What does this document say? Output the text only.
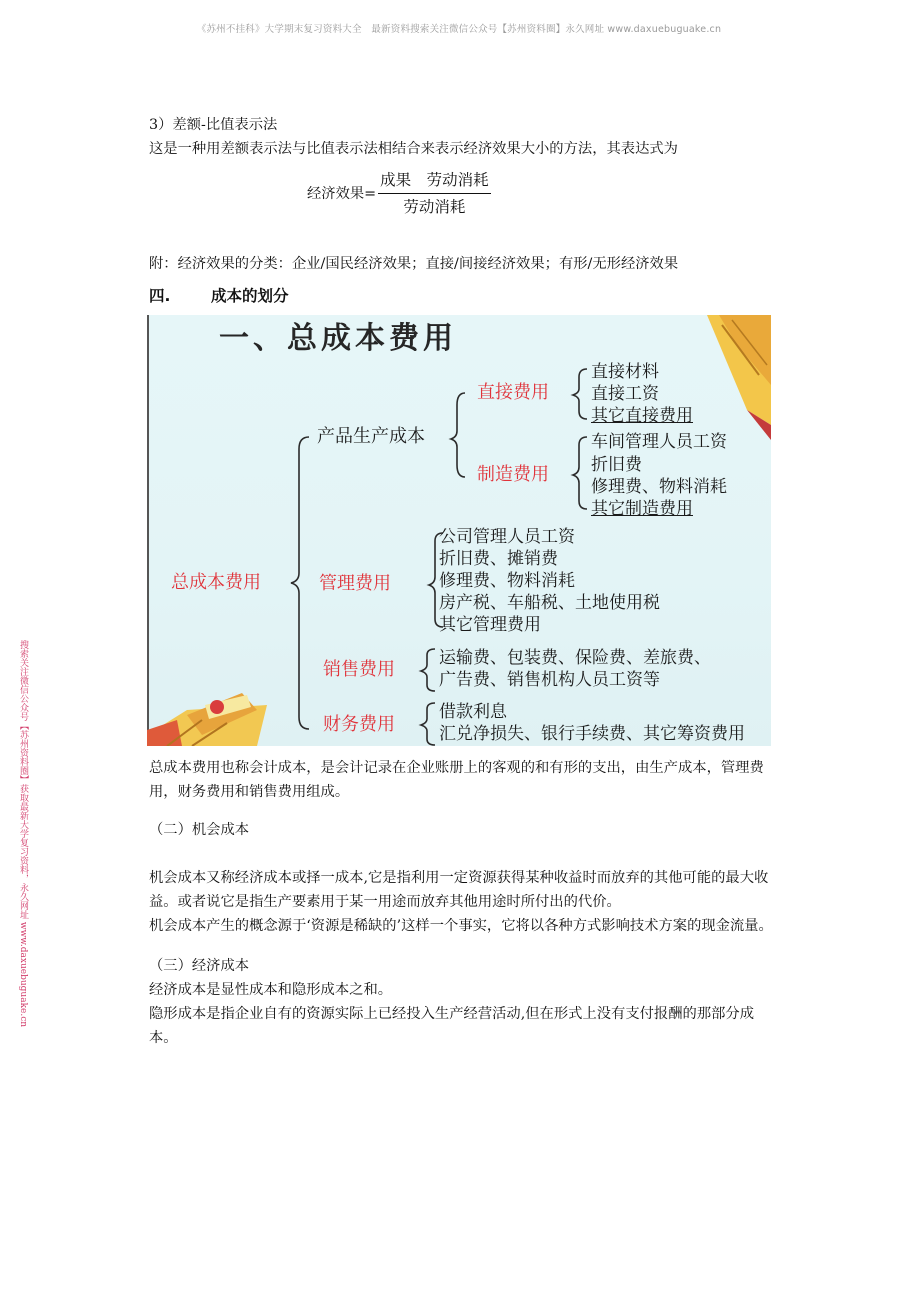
《苏州不挂科》大学期末复习资料大全　最新资料搜索关注微信公众号【苏州资料圈】永久网址 www.daxuebuguake.cn
搜索关注微信公众号【苏州资料圈】获取最新大学复习资料，永久网址 www.daxuebuguake.cn

3）差额-比值表示法

这是一种用差额表示法与比值表示法相结合来表示经济效果大小的方法，其表达式为

经济效果= $\frac{\text{成果　劳动消耗}}{\text{劳动消耗}}$

附：经济效果的分类：企业/国民经济效果；直接/间接经济效果；有形/无形经济效果

四.	成本的划分
一、总成本费用
总成本费用
产品生产成本
直接费用
直接材料
直接工资
其它直接费用
制造费用
车间管理人员工资
折旧费
修理费、物料消耗
其它制造费用
管理费用
公司管理人员工资
折旧费、摊销费
修理费、物料消耗
房产税、车船税、土地使用税
其它管理费用
销售费用
运输费、包装费、保险费、差旅费、
广告费、销售机构人员工资等
财务费用
借款利息
汇兑净损失、银行手续费、其它筹资费用

总成本费用也称会计成本，是会计记录在企业账册上的客观的和有形的支出，由生产成本，管理费用，财务费用和销售费用组成。

（二）机会成本

机会成本又称经济成本或择一成本,它是指利用一定资源获得某种收益时而放弃的其他可能的最大收益。或者说它是指生产要素用于某一用途而放弃其他用途时所付出的代价。

机会成本产生的概念源于‘资源是稀缺的’这样一个事实，它将以各种方式影响技术方案的现金流量。

（三）经济成本

经济成本是显性成本和隐形成本之和。

隐形成本是指企业自有的资源实际上已经投入生产经营活动,但在形式上没有支付报酬的那部分成本。
